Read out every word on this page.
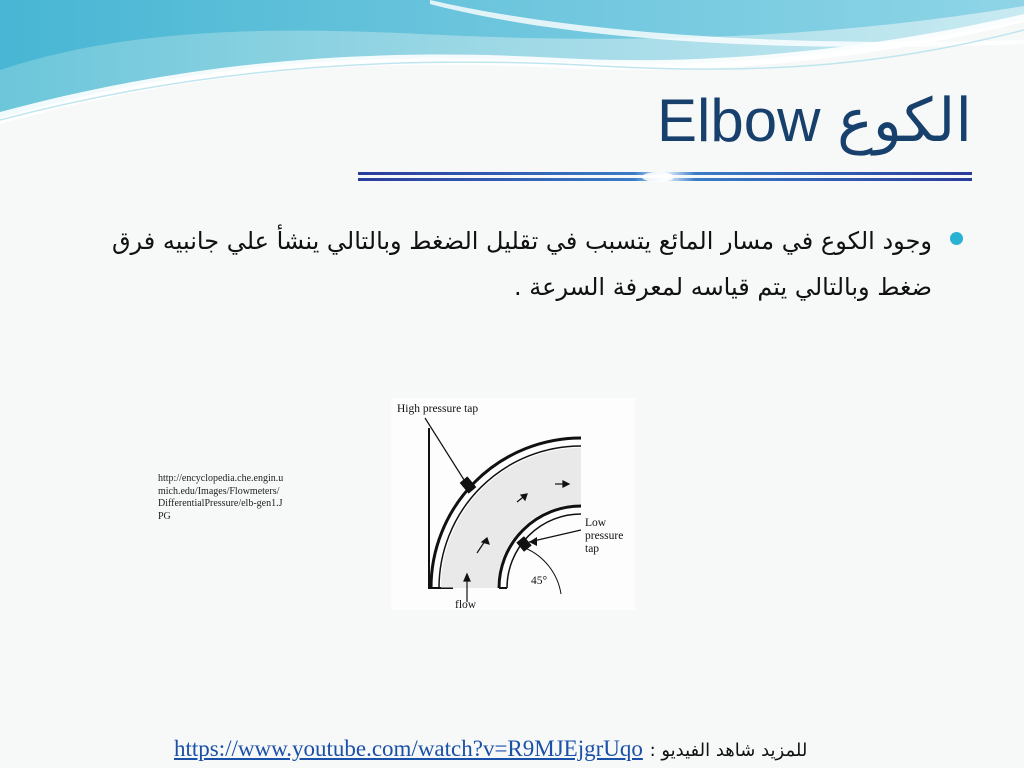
Elbow الكوع
وجود الكوع في مسار المائع يتسبب في تقليل الضغط وبالتالي ينشأ علي جانبيه فرق ضغط وبالتالي يتم قياسه لمعرفة السرعة .
High pressure tap
Low
pressure
tap
45°
flow
http://encyclopedia.che.engin.umich.edu/Images/Flowmeters/DifferentialPressure/elb-gen1.JPG
https://www.youtube.com/watch?v=R9MJEjgrUqo للمزيد شاهد الفيديو :
